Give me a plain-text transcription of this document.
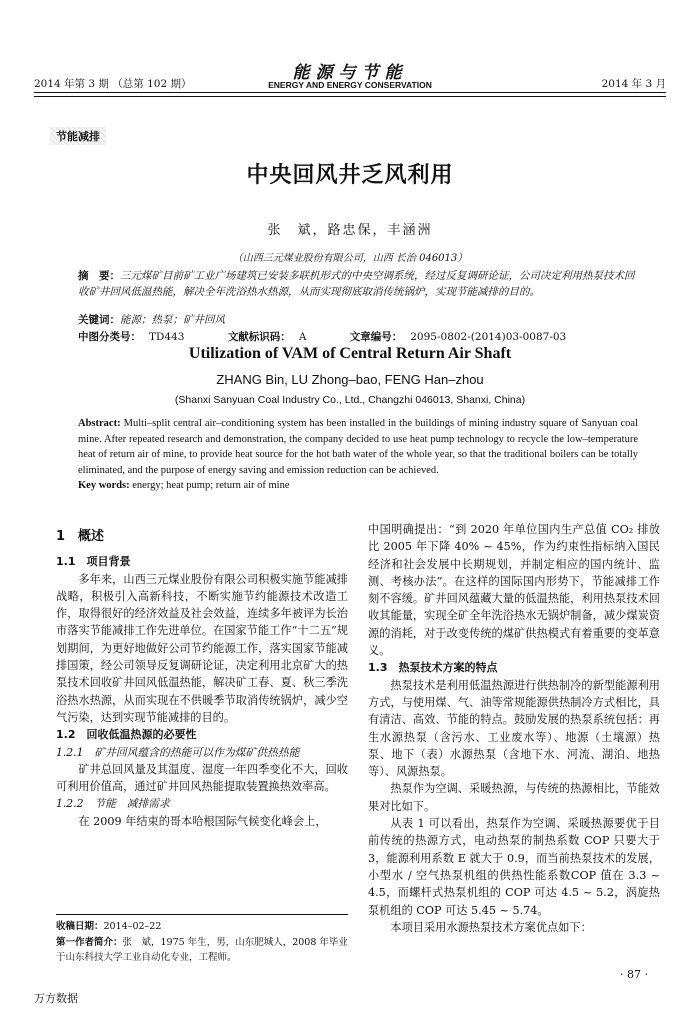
2014 年第 3 期 （总第 102 期）
能源与节能
ENERGY AND ENERGY CONSERVATION	2014 年 3 月
节能减排
中央回风井乏风利用
张　斌，路忠保，丰涵洲
（山西三元煤业股份有限公司，山西 长治 046013）
摘　要：三元煤矿目前矿工业广场建筑已安装多联机形式的中央空调系统，经过反复调研论证，公司决定利用热泵技术回收矿井回风低温热能，解决全年洗浴热水热源，从而实现彻底取消传统锅炉，实现节能减排的目的。
关键词：能源；热泵；矿井回风
中图分类号： TD443	文献标识码： A	文章编号： 2095-0802-(2014)03-0087-03
Utilization of VAM of Central Return Air Shaft
ZHANG Bin, LU Zhong–bao, FENG Han–zhou
(Shanxi Sanyuan Coal Industry Co., Ltd., Changzhi 046013, Shanxi, China)
Abstract: Multi–split central air–conditioning system has been installed in the buildings of mining industry square of Sanyuan coal mine. After repeated research and demonstration, the company decided to use heat pump technology to recycle the low–temperature heat of return air of mine, to provide heat source for the hot bath water of the whole year, so that the traditional boilers can be totally eliminated, and the purpose of energy saving and emission reduction can be achieved.
Key words: energy; heat pump; return air of mine

1　概述

1.1　项目背景

多年来，山西三元煤业股份有限公司积极实施节能减排战略，积极引入高新科技，不断实施节约能源技术改造工作，取得很好的经济效益及社会效益，连续多年被评为长治市落实节能减排工作先进单位。在国家节能工作“十二五”规划期间，为更好地做好公司节约能源工作，落实国家节能减排国策，经公司领导反复调研论证，决定利用北京矿大的热泵技术回收矿井回风低温热能，解决矿工春、夏、秋三季洗浴热水热源，从而实现在不供暖季节取消传统锅炉，减少空气污染，达到实现节能减排的目的。

1.2　回收低温热源的必要性

1.2.1　矿井回风蕴含的热能可以作为煤矿供热热能

矿井总回风量及其温度、湿度一年四季变化不大，回收可利用价值高，通过矿井回风热能提取装置换热效率高。

1.2.2　节能　减排需求

在 2009 年结束的哥本哈根国际气候变化峰会上，

中国明确提出：“到 2020 年单位国内生产总值 CO₂ 排放比 2005 年下降 40% ~ 45%，作为约束性指标纳入国民经济和社会发展中长期规划，并制定相应的国内统计、监测、考核办法”。在这样的国际国内形势下，节能减排工作刻不容缓。矿井回风蕴藏大量的低温热能，利用热泵技术回收其能量，实现全矿全年洗浴热水无锅炉制备，减少煤炭资源的消耗，对于改变传统的煤矿供热模式有着重要的变革意义。

1.3　热泵技术方案的特点

热泵技术是利用低温热源进行供热制冷的新型能源利用方式，与使用煤、气、油等常规能源供热制冷方式相比，具有清洁、高效、节能的特点。鼓励发展的热泵系统包括：再生水源热泵（含污水、工业废水等）、地源（土壤源）热泵、地下（表）水源热泵（含地下水、河流、湖泊、地热等）、风源热泵。

热泵作为空调、采暖热源，与传统的热源相比，节能效果对比如下。

从表 1 可以看出，热泵作为空调、采暖热源要优于目前传统的热源方式，电动热泵的制热系数 COP 只要大于 3，能源利用系数 E 就大于 0.9，而当前热泵技术的发展，小型水 / 空气热泵机组的供热性能系数COP 值在 3.3 ~ 4.5，而螺杆式热泵机组的 COP 可达 4.5 ~ 5.2，涡旋热泵机组的 COP 可达 5.45 ~ 5.74。

本项目采用水源热泵技术方案优点如下：

收稿日期：2014–02–22
第一作者简介：张　斌，1975 年生，男，山东肥城人，2008 年毕业于山东科技大学工业自动化专业，工程师。
· 87 ·
万方数据
